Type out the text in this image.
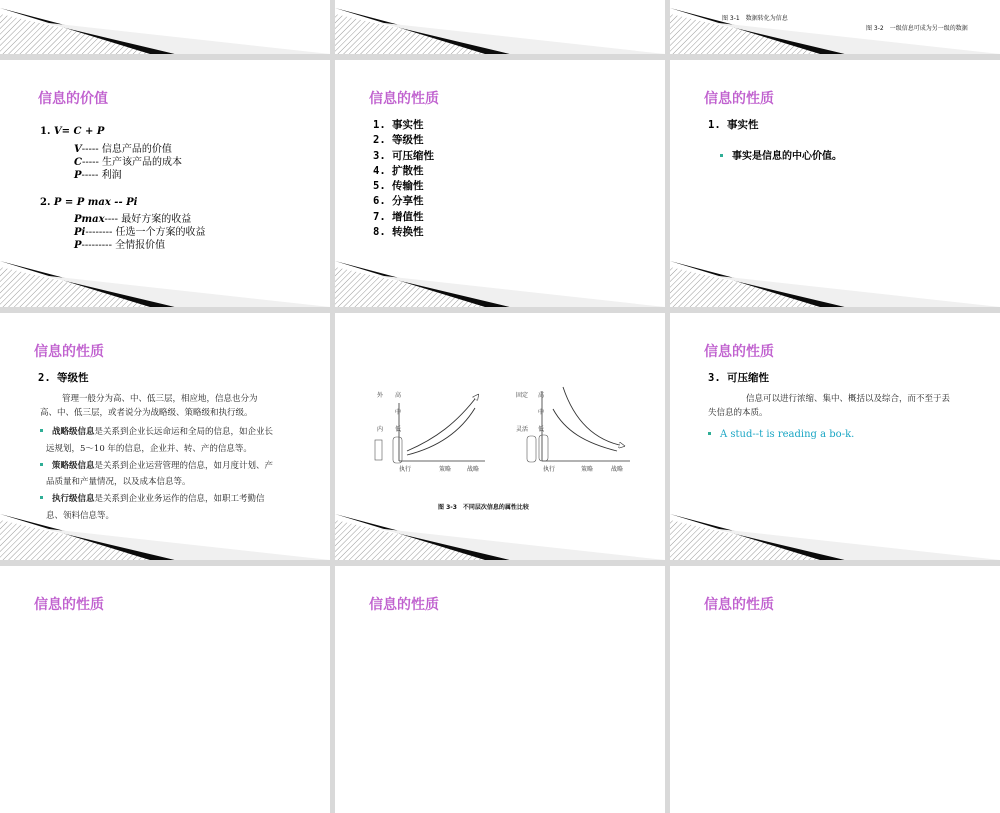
图 3-1　数据转化为信息
图 3-2　一级信息可成为另一级的数据
信息的价值
1. V= C + P
V----- 信息产品的价值
C----- 生产该产品的成本
P----- 利润
2. P = P max -- Pi
Pmax---- 最好方案的收益
Pi-------- 任选一个方案的收益
P--------- 全情报价值
信息的性质
1. 事实性
2. 等级性
3. 可压缩性
4. 扩散性
5. 传输性
6. 分享性
7. 增值性
8. 转换性
信息的性质
1. 事实性
事实是信息的中心价值。
信息的性质
2. 等级性
管理一般分为高、中、低三层，相应地，信息也分为
高、中、低三层，或者说分为战略级、策略级和执行级。
战略级信息是关系到企业长远命运和全局的信息，如企业长
远规划，5～10 年的信息，企业并、转、产的信息等。
策略级信息是关系到企业运营管理的信息，如月度计划、产
品质量和产量情况，以及成本信息等。
执行级信息是关系到企业业务运作的信息，如职工考勤信
息、领料信息等。
外 高
中
内 低
执行	策略	战略
固定 高
中
灵活 低
执行	策略	战略
图 3-3　不同层次信息的属性比较
信息的性质
3. 可压缩性
信息可以进行浓缩、集中、概括以及综合，而不至于丢
失信息的本质。
A stud--t is reading a bo-k.
信息的性质	信息的性质	信息的性质
